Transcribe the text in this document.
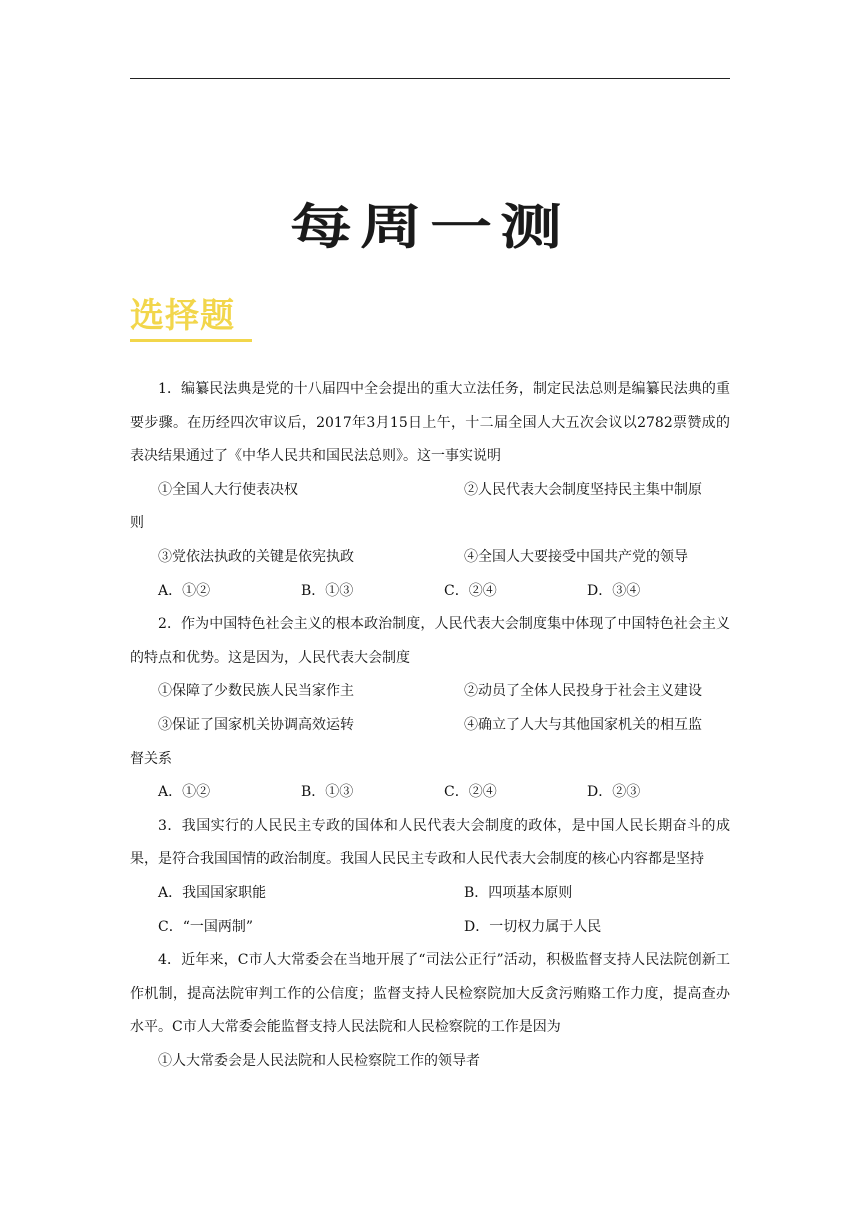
每周一测
选择题

1．编纂民法典是党的十八届四中全会提出的重大立法任务，制定民法总则是编纂民法典的重要步骤。在历经四次审议后，2017年3月15日上午，十二届全国人大五次会议以2782票赞成的表决结果通过了《中华人民共和国民法总则》。这一事实说明

①全国人大行使表决权	②人民代表大会制度坚持民主集中制原

则

③党依法执政的关键是依宪执政	④全国人大要接受中国共产党的领导
A．①②	B．①③	C．②④	D．③④

2．作为中国特色社会主义的根本政治制度，人民代表大会制度集中体现了中国特色社会主义的特点和优势。这是因为，人民代表大会制度

①保障了少数民族人民当家作主	②动员了全体人民投身于社会主义建设
③保证了国家机关协调高效运转	④确立了人大与其他国家机关的相互监

督关系

A．①②	B．①③	C．②④	D．②③

3．我国实行的人民民主专政的国体和人民代表大会制度的政体，是中国人民长期奋斗的成果，是符合我国国情的政治制度。我国人民民主专政和人民代表大会制度的核心内容都是坚持

A．我国国家职能	B．四项基本原则
C．“一国两制”	D．一切权力属于人民

4．近年来，C市人大常委会在当地开展了“司法公正行”活动，积极监督支持人民法院创新工作机制，提高法院审判工作的公信度；监督支持人民检察院加大反贪污贿赂工作力度，提高查办水平。C市人大常委会能监督支持人民法院和人民检察院的工作是因为

①人大常委会是人民法院和人民检察院工作的领导者
